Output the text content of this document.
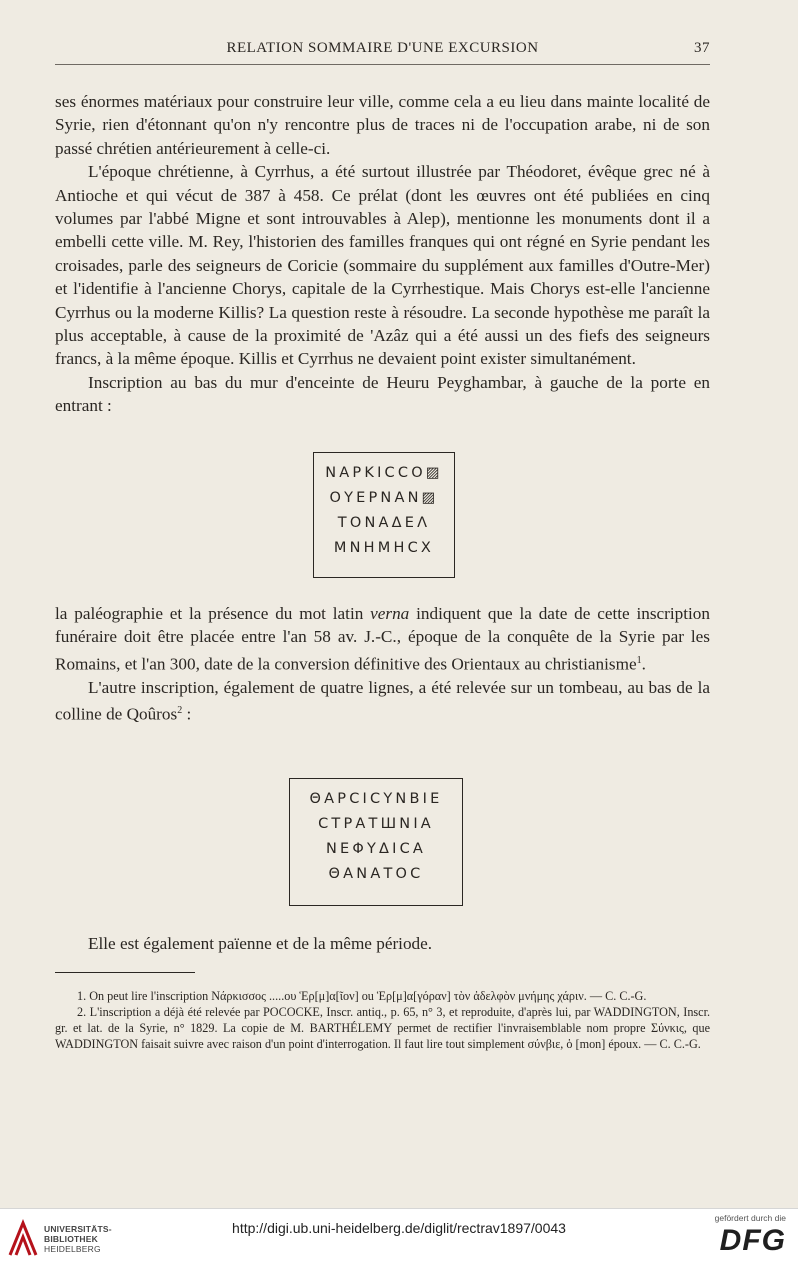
RELATION SOMMAIRE D'UNE EXCURSION	37

ses énormes matériaux pour construire leur ville, comme cela a eu lieu dans mainte localité de Syrie, rien d'étonnant qu'on n'y rencontre plus de traces ni de l'occupation arabe, ni de son passé chrétien antérieurement à celle-ci.

L'époque chrétienne, à Cyrrhus, a été surtout illustrée par Théodoret, évêque grec né à Antioche et qui vécut de 387 à 458. Ce prélat (dont les œuvres ont été publiées en cinq volumes par l'abbé Migne et sont introuvables à Alep), mentionne les monuments dont il a embelli cette ville. M. Rey, l'historien des familles franques qui ont régné en Syrie pendant les croisades, parle des seigneurs de Coricie (sommaire du supplément aux familles d'Outre-Mer) et l'identifie à l'ancienne Chorys, capitale de la Cyrrhestique. Mais Chorys est-elle l'ancienne Cyrrhus ou la moderne Killis? La question reste à résoudre. La seconde hypothèse me paraît la plus acceptable, à cause de la proximité de 'Azâz qui a été aussi un des fiefs des seigneurs francs, à la même époque. Killis et Cyrrhus ne devaient point exister simultanément.

Inscription au bas du mur d'enceinte de Heuru Peyghambar, à gauche de la porte en entrant :

ΝΑΡΚΙCCΟ▨
ΟΥΕΡΝΑΝ▨
ΤΟΝΑΔΕΛ
ΜΝΗΜΗCΧ

la paléographie et la présence du mot latin verna indiquent que la date de cette inscription funéraire doit être placée entre l'an 58 av. J.-C., époque de la conquête de la Syrie par les Romains, et l'an 300, date de la conversion définitive des Orientaux au christianisme$^1$.

L'autre inscription, également de quatre lignes, a été relevée sur un tombeau, au bas de la colline de Qoûros$^2$ :

ΘΑΡCΙCΥΝΒΙΕ
CΤΡΑΤШΝΙΑ
ΝΕΦΥΔΙCΑ
ΘΑΝΑΤΟC

Elle est également païenne et de la même période.

1. On peut lire l'inscription Νάρκισσος .....ου Ἑρ[μ]α[ῖον] ou Ἑρ[μ]α[γόραν] τὸν ἀδελφὸν μνήμης χάριν. — C. C.-G.

2. L'inscription a déjà été relevée par POCOCKE, Inscr. antiq., p. 65, n° 3, et reproduite, d'après lui, par WADDINGTON, Inscr. gr. et lat. de la Syrie, n° 1829. La copie de M. BARTHÉLEMY permet de rectifier l'invraisemblable nom propre Σύνκις, que WADDINGTON faisait suivre avec raison d'un point d'interrogation. Il faut lire tout simplement σύνβιε, ὁ [mon] époux. — C. C.-G.

UNIVERSITÄTS-
BIBLIOTHEK
HEIDELBERG
http://digi.ub.uni-heidelberg.de/diglit/rectrav1897/0043
gefördert durch die
DFG
